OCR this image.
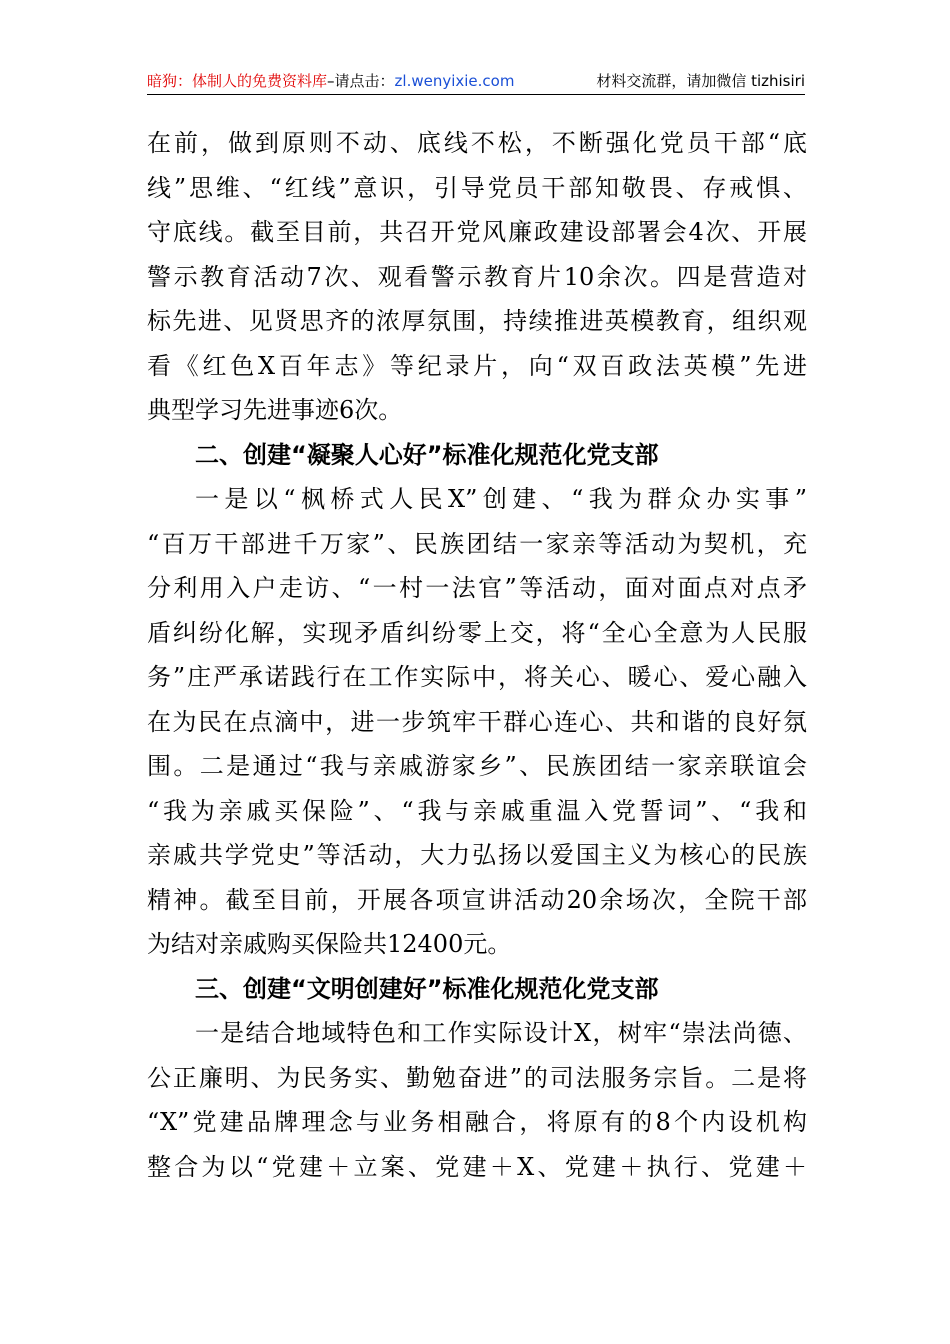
暗狗：体制人的免费资料库–请点击：zl.wenyixie.com	材料交流群，请加微信 tizhisiri
在前，做到原则不动、底线不松，不断强化党员干部“底
线”思维、“红线”意识，引导党员干部知敬畏、存戒惧、
守底线。截至目前，共召开党风廉政建设部署会4次、开展
警示教育活动7次、观看警示教育片10余次。四是营造对
标先进、见贤思齐的浓厚氛围，持续推进英模教育，组织观
看《红色X百年志》等纪录片，向“双百政法英模”先进
典型学习先进事迹6次。
二、创建“凝聚人心好”标准化规范化党支部
一是以“枫桥式人民X”创建、“我为群众办实事”
“百万干部进千万家”、民族团结一家亲等活动为契机，充
分利用入户走访、“一村一法官”等活动，面对面点对点矛
盾纠纷化解，实现矛盾纠纷零上交，将“全心全意为人民服
务”庄严承诺践行在工作实际中，将关心、暖心、爱心融入
在为民在点滴中，进一步筑牢干群心连心、共和谐的良好氛
围。二是通过“我与亲戚游家乡”、民族团结一家亲联谊会
“我为亲戚买保险”、“我与亲戚重温入党誓词”、“我和
亲戚共学党史”等活动，大力弘扬以爱国主义为核心的民族
精神。截至目前，开展各项宣讲活动20余场次，全院干部
为结对亲戚购买保险共12400元。
三、创建“文明创建好”标准化规范化党支部
一是结合地域特色和工作实际设计X，树牢“崇法尚德、
公正廉明、为民务实、勤勉奋进”的司法服务宗旨。二是将
“X”党建品牌理念与业务相融合，将原有的8个内设机构
整合为以“党建＋立案、党建＋X、党建＋执行、党建＋
